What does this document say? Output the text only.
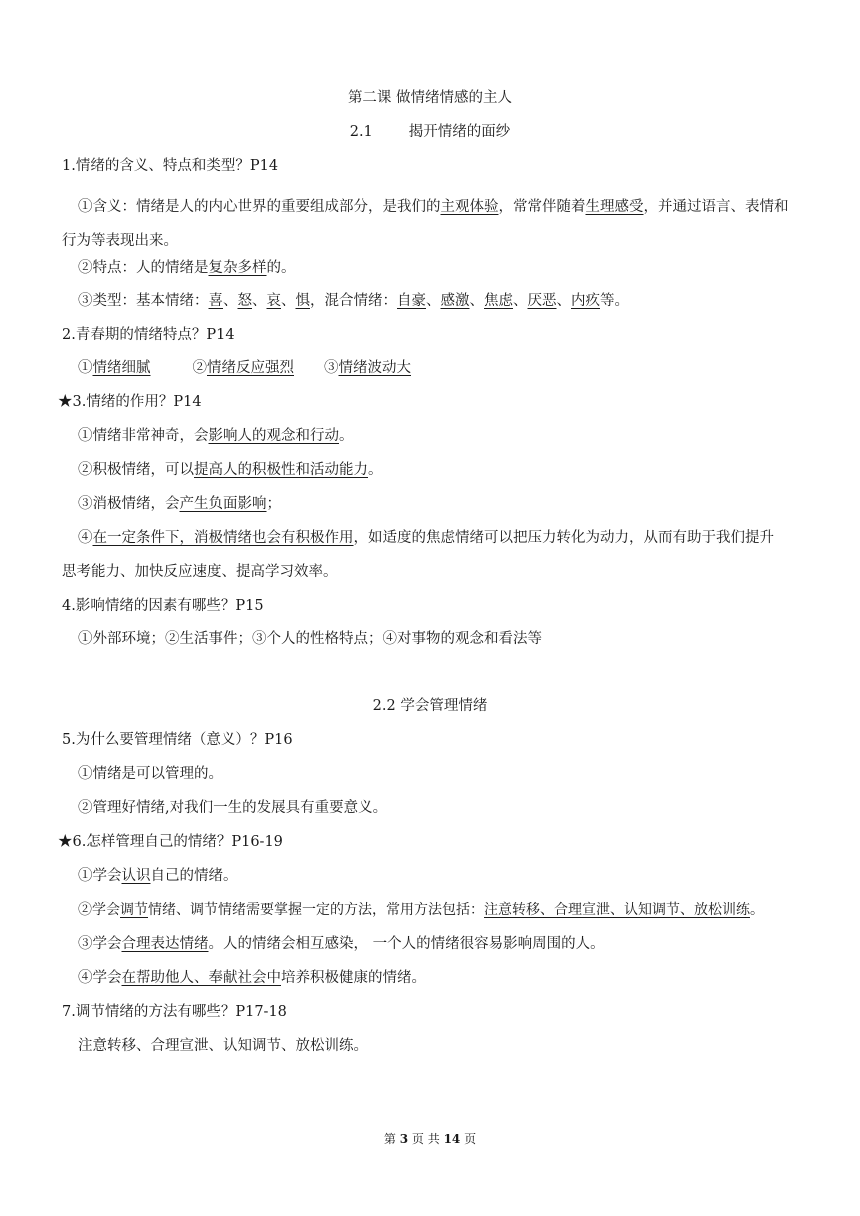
第二课 做情绪情感的主人
2.1 揭开情绪的面纱
1.情绪的含义、特点和类型？P14
①含义：情绪是人的内心世界的重要组成部分，是我们的主观体验，常常伴随着生理感受，并通过语言、表情和行为等表现出来。
②特点：人的情绪是复杂多样的。
③类型：基本情绪：喜、怒、哀、惧，混合情绪：自豪、感激、焦虑、厌恶、内疚等。
2.青春期的情绪特点？P14
①情绪细腻	②情绪反应强烈 ③情绪波动大
★3.情绪的作用？P14
①情绪非常神奇，会影响人的观念和行动。
②积极情绪，可以提高人的积极性和活动能力。
③消极情绪，会产生负面影响；
④在一定条件下，消极情绪也会有积极作用，如适度的焦虑情绪可以把压力转化为动力，从而有助于我们提升
思考能力、加快反应速度、提高学习效率。
4.影响情绪的因素有哪些？P15
①外部环境；②生活事件；③个人的性格特点；④对事物的观念和看法等
2.2 学会管理情绪
5.为什么要管理情绪（意义）？P16
①情绪是可以管理的。
②管理好情绪,对我们一生的发展具有重要意义。
★6.怎样管理自己的情绪？P16-19
①学会认识自己的情绪。
②学会调节情绪、调节情绪需要掌握一定的方法，常用方法包括：注意转移、合理宣泄、认知调节、放松训练。
③学会合理表达情绪。人的情绪会相互感染， 一个人的情绪很容易影响周围的人。
④学会在帮助他人、奉献社会中培养积极健康的情绪。
7.调节情绪的方法有哪些？P17-18
注意转移、合理宣泄、认知调节、放松训练。
第 3 页 共 14 页
